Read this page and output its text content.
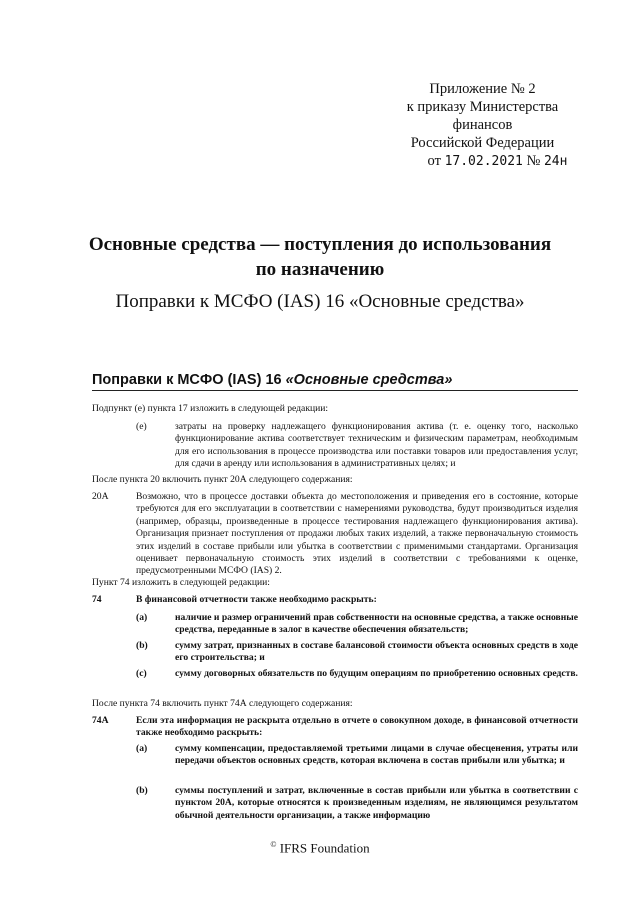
Приложение № 2
к приказу Министерства
финансов
Российской Федерации
от 17.02.2021 № 24н
Основные средства — поступления до использования
по назначению
Поправки к МСФО (IAS) 16 «Основные средства»
Поправки к МСФО (IAS) 16 «Основные средства»
Подпункт (е) пункта 17 изложить в следующей редакции:
(е)	затраты на проверку надлежащего функционирования актива (т. е. оценку того, насколько функционирование актива соответствует техническим и физическим параметрам, необходимым для его использования в процессе производства или поставки товаров или предоставления услуг, для сдачи в аренду или использования в административных целях; и
После пункта 20 включить пункт 20А следующего содержания:
20А	Возможно, что в процессе доставки объекта до местоположения и приведения его в состояние, которые требуются для его эксплуатации в соответствии с намерениями руководства, будут производиться изделия (например, образцы, произведенные в процессе тестирования надлежащего функционирования актива). Организация признает поступления от продажи любых таких изделий, а также первоначальную стоимость этих изделий в составе прибыли или убытка в соответствии с применимыми стандартами. Организация оценивает первоначальную стоимость этих изделий в соответствии с требованиями к оценке, предусмотренными МСФО (IAS) 2.
Пункт 74 изложить в следующей редакции:
74	В финансовой отчетности также необходимо раскрыть:
(а)	наличие и размер ограничений прав собственности на основные средства, а также основные средства, переданные в залог в качестве обеспечения обязательств;
(b)	сумму затрат, признанных в составе балансовой стоимости объекта основных средств в ходе его строительства; и
(с)	сумму договорных обязательств по будущим операциям по приобретению основных средств.
После пункта 74 включить пункт 74А следующего содержания:
74А	Если эта информация не раскрыта отдельно в отчете о совокупном доходе, в финансовой отчетности также необходимо раскрыть:
(а)	сумму компенсации, предоставляемой третьими лицами в случае обесценения, утраты или передачи объектов основных средств, которая включена в состав прибыли или убытка; и
(b)	суммы поступлений и затрат, включенные в состав прибыли или убытка в соответствии с пунктом 20А, которые относятся к произведенным изделиям, не являющимся результатом обычной деятельности организации, а также информацию
© IFRS Foundation
